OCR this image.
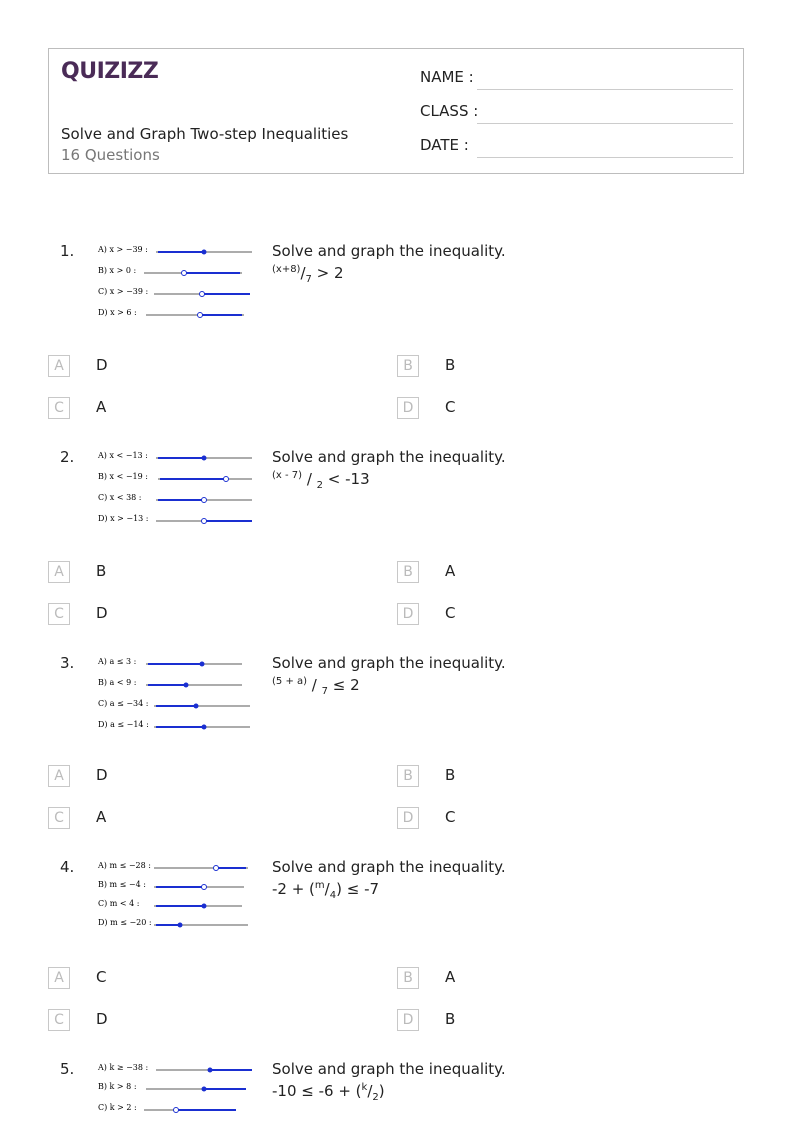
QUIZIZZ
Solve and Graph Two-step Inequalities
16 Questions
NAME :
CLASS :
DATE :
1.	A) x > −39 :
B) x > 0 :
C) x > −39 :
D) x > 6 :
Solve and graph the inequality.
$^{(x+8)}/_7 > 2$
A	D	B	B
C	A	D	C
2.	A) x < −13 :
B) x < −19 :
C) x < 38 :
D) x > −13 :
Solve and graph the inequality.
$^{(x - 7)}$ / $_2$ < -13
A	B	B	A
C	D	D	C
3.	A) a ≤ 3 :
B) a < 9 :
C) a ≤ −34 :
D) a ≤ −14 :
Solve and graph the inequality.
$^{(5 + a)}$ / $_7$ ≤ 2
A	D	B	B
C	A	D	C
4.	A) m ≤ −28 :
B) m ≤ −4 :
C) m < 4 :
D) m ≤ −20 :
Solve and graph the inequality.
$-2 + (^m/_4) \le -7$
A	C	B	A
C	D	D	B
5.	A) k ≥ −38 :
B) k > 8 :
C) k > 2 :
Solve and graph the inequality.
$-10 \le -6 + (^k/_2)$
